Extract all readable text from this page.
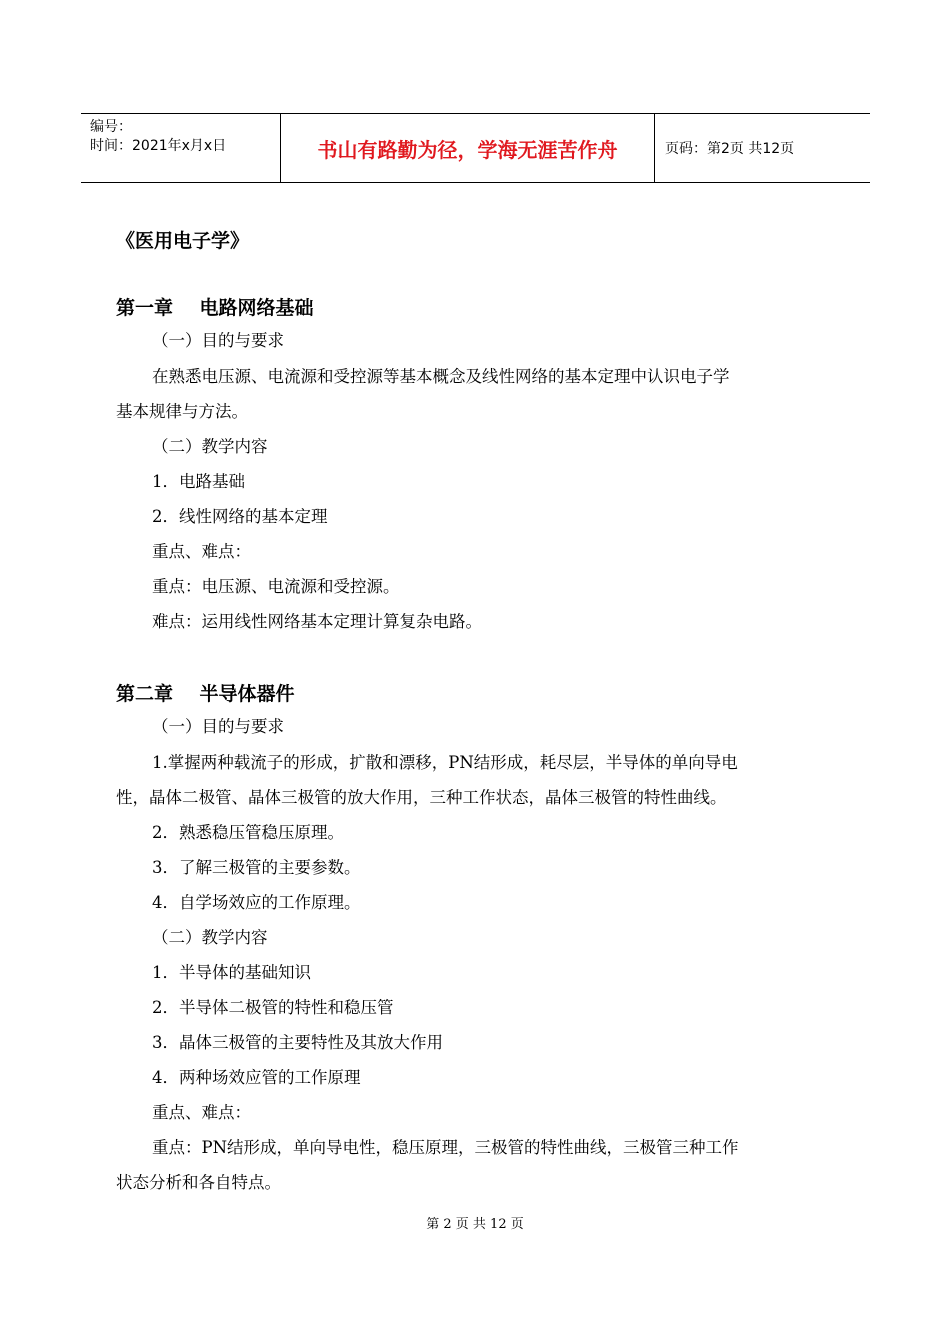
编号：
时间：2021年x月x日	书山有路勤为径，学海无涯苦作舟	页码：第2页 共12页
《医用电子学》
第一章    电路网络基础
（一）目的与要求
在熟悉电压源、电流源和受控源等基本概念及线性网络的基本定理中认识电子学
基本规律与方法。
（二）教学内容
1．电路基础
2．线性网络的基本定理
重点、难点：
重点：电压源、电流源和受控源。
难点：运用线性网络基本定理计算复杂电路。
第二章    半导体器件
（一）目的与要求
1.掌握两种载流子的形成，扩散和漂移，PN结形成，耗尽层，半导体的单向导电
性，晶体二极管、晶体三极管的放大作用，三种工作状态，晶体三极管的特性曲线。
2．熟悉稳压管稳压原理。
3．了解三极管的主要参数。
4．自学场效应的工作原理。
（二）教学内容
1．半导体的基础知识
2．半导体二极管的特性和稳压管
3．晶体三极管的主要特性及其放大作用
4．两种场效应管的工作原理
重点、难点：
重点：PN结形成，单向导电性，稳压原理，三极管的特性曲线，三极管三种工作
状态分析和各自特点。
第 2 页 共 12 页
